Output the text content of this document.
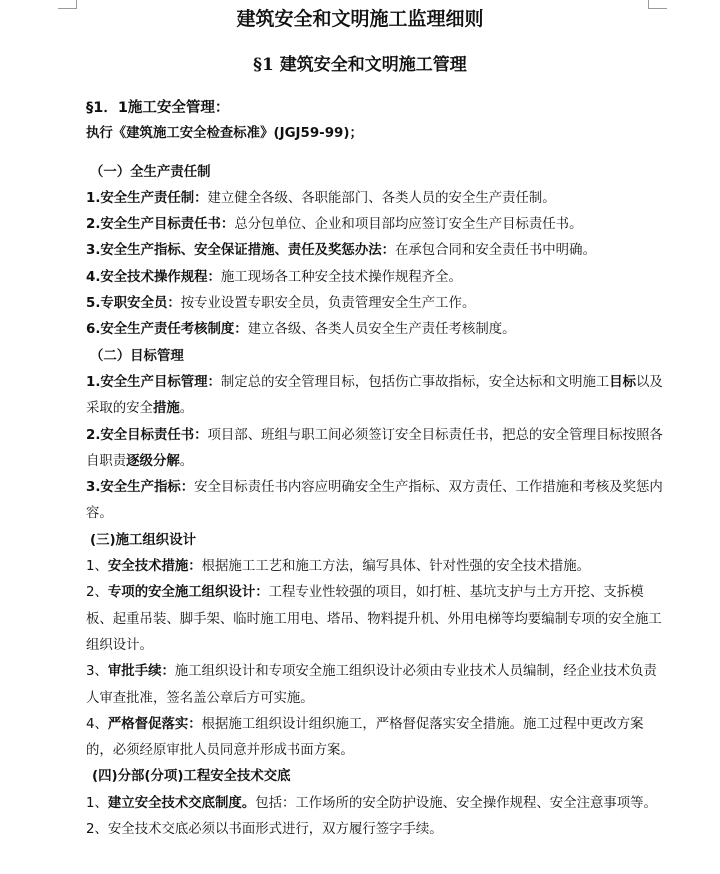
建筑安全和文明施工监理细则
§1 建筑安全和文明施工管理

§1．1施工安全管理：

执行《建筑施工安全检查标准》(JGJ59-99)；

（一）全生产责任制

1.安全生产责任制：建立健全各级、各职能部门、各类人员的安全生产责任制。

2.安全生产目标责任书：总分包单位、企业和项目部均应签订安全生产目标责任书。

3.安全生产指标、安全保证措施、责任及奖惩办法：在承包合同和安全责任书中明确。

4.安全技术操作规程：施工现场各工种安全技术操作规程齐全。

5.专职安全员：按专业设置专职安全员，负责管理安全生产工作。

6.安全生产责任考核制度：建立各级、各类人员安全生产责任考核制度。

（二）目标管理

1.安全生产目标管理：制定总的安全管理目标，包括伤亡事故指标，安全达标和文明施工目标以及采取的安全措施。

2.安全目标责任书：项目部、班组与职工间必须签订安全目标责任书，把总的安全管理目标按照各自职责逐级分解。

3.安全生产指标：安全目标责任书内容应明确安全生产指标、双方责任、工作措施和考核及奖惩内容。

(三)施工组织设计

1、安全技术措施：根据施工工艺和施工方法，编写具体、针对性强的安全技术措施。

2、专项的安全施工组织设计：工程专业性较强的项目，如打桩、基坑支护与土方开挖、支拆模板、起重吊装、脚手架、临时施工用电、塔吊、物料提升机、外用电梯等均要编制专项的安全施工组织设计。

3、审批手续：施工组织设计和专项安全施工组织设计必须由专业技术人员编制，经企业技术负责人审查批准，签名盖公章后方可实施。

4、严格督促落实：根据施工组织设计组织施工，严格督促落实安全措施。施工过程中更改方案的，必须经原审批人员同意并形成书面方案。

(四)分部(分项)工程安全技术交底

1、建立安全技术交底制度。包括：工作场所的安全防护设施、安全操作规程、安全注意事项等。

2、安全技术交底必须以书面形式进行，双方履行签字手续。
